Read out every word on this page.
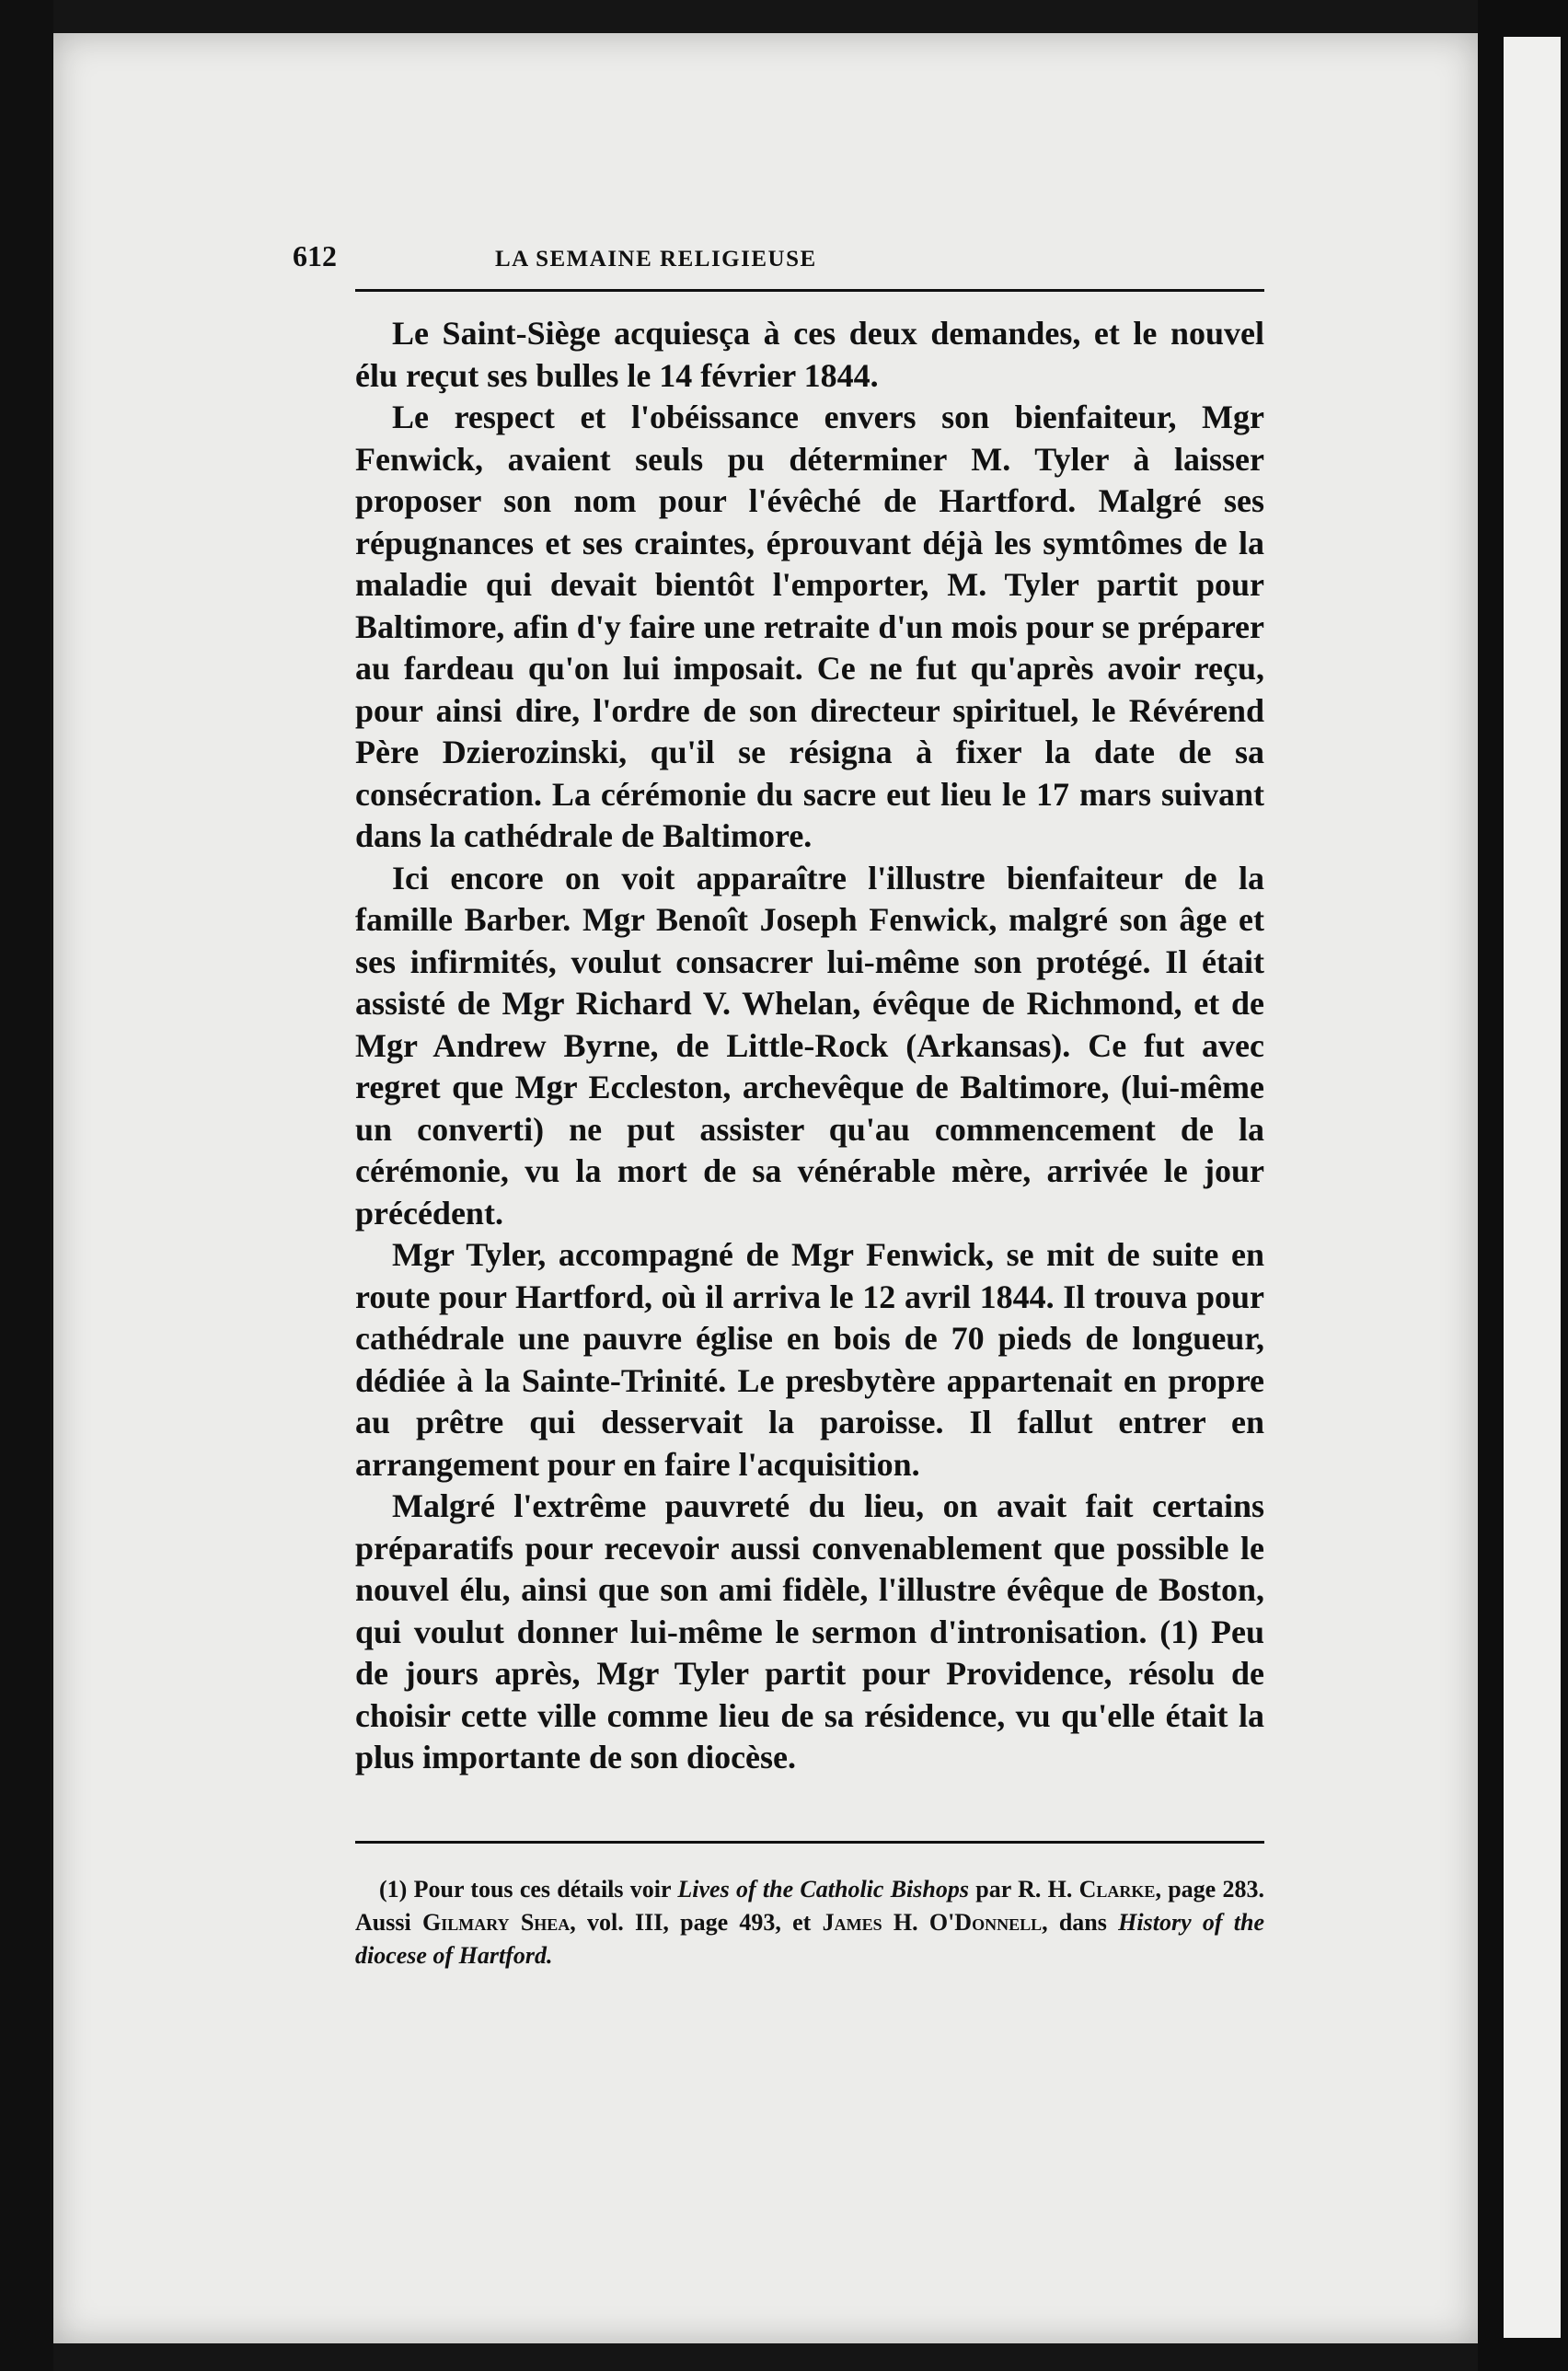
612	LA SEMAINE RELIGIEUSE

Le Saint-Siège acquiesça à ces deux demandes, et le nouvel élu reçut ses bulles le 14 février 1844.

Le respect et l'obéissance envers son bienfaiteur, Mgr Fenwick, avaient seuls pu déterminer M. Tyler à laisser proposer son nom pour l'évêché de Hartford. Malgré ses répugnances et ses craintes, éprouvant déjà les symtômes de la maladie qui devait bientôt l'emporter, M. Tyler partit pour Baltimore, afin d'y faire une retraite d'un mois pour se préparer au fardeau qu'on lui imposait. Ce ne fut qu'après avoir reçu, pour ainsi dire, l'ordre de son directeur spirituel, le Révérend Père Dzierozinski, qu'il se résigna à fixer la date de sa consécration. La cérémonie du sacre eut lieu le 17 mars suivant dans la cathédrale de Baltimore.

Ici encore on voit apparaître l'illustre bienfaiteur de la famille Barber. Mgr Benoît Joseph Fenwick, malgré son âge et ses infirmités, voulut consacrer lui-même son protégé. Il était assisté de Mgr Richard V. Whelan, évêque de Richmond, et de Mgr Andrew Byrne, de Little-Rock (Arkansas). Ce fut avec regret que Mgr Eccleston, archevêque de Baltimore, (lui-même un converti) ne put assister qu'au commencement de la cérémonie, vu la mort de sa vénérable mère, arrivée le jour précédent.

Mgr Tyler, accompagné de Mgr Fenwick, se mit de suite en route pour Hartford, où il arriva le 12 avril 1844. Il trouva pour cathédrale une pauvre église en bois de 70 pieds de longueur, dédiée à la Sainte-Trinité. Le presbytère appartenait en propre au prêtre qui desservait la paroisse. Il fallut entrer en arrangement pour en faire l'acquisition.

Malgré l'extrême pauvreté du lieu, on avait fait certains préparatifs pour recevoir aussi convenablement que possible le nouvel élu, ainsi que son ami fidèle, l'illustre évêque de Boston, qui voulut donner lui-même le sermon d'intronisation. (1) Peu de jours après, Mgr Tyler partit pour Providence, résolu de choisir cette ville comme lieu de sa résidence, vu qu'elle était la plus importante de son diocèse.

(1) Pour tous ces détails voir Lives of the Catholic Bishops par R. H. Clarke, page 283. Aussi Gilmary Shea, vol. III, page 493, et James H. O'Donnell, dans History of the diocese of Hartford.
